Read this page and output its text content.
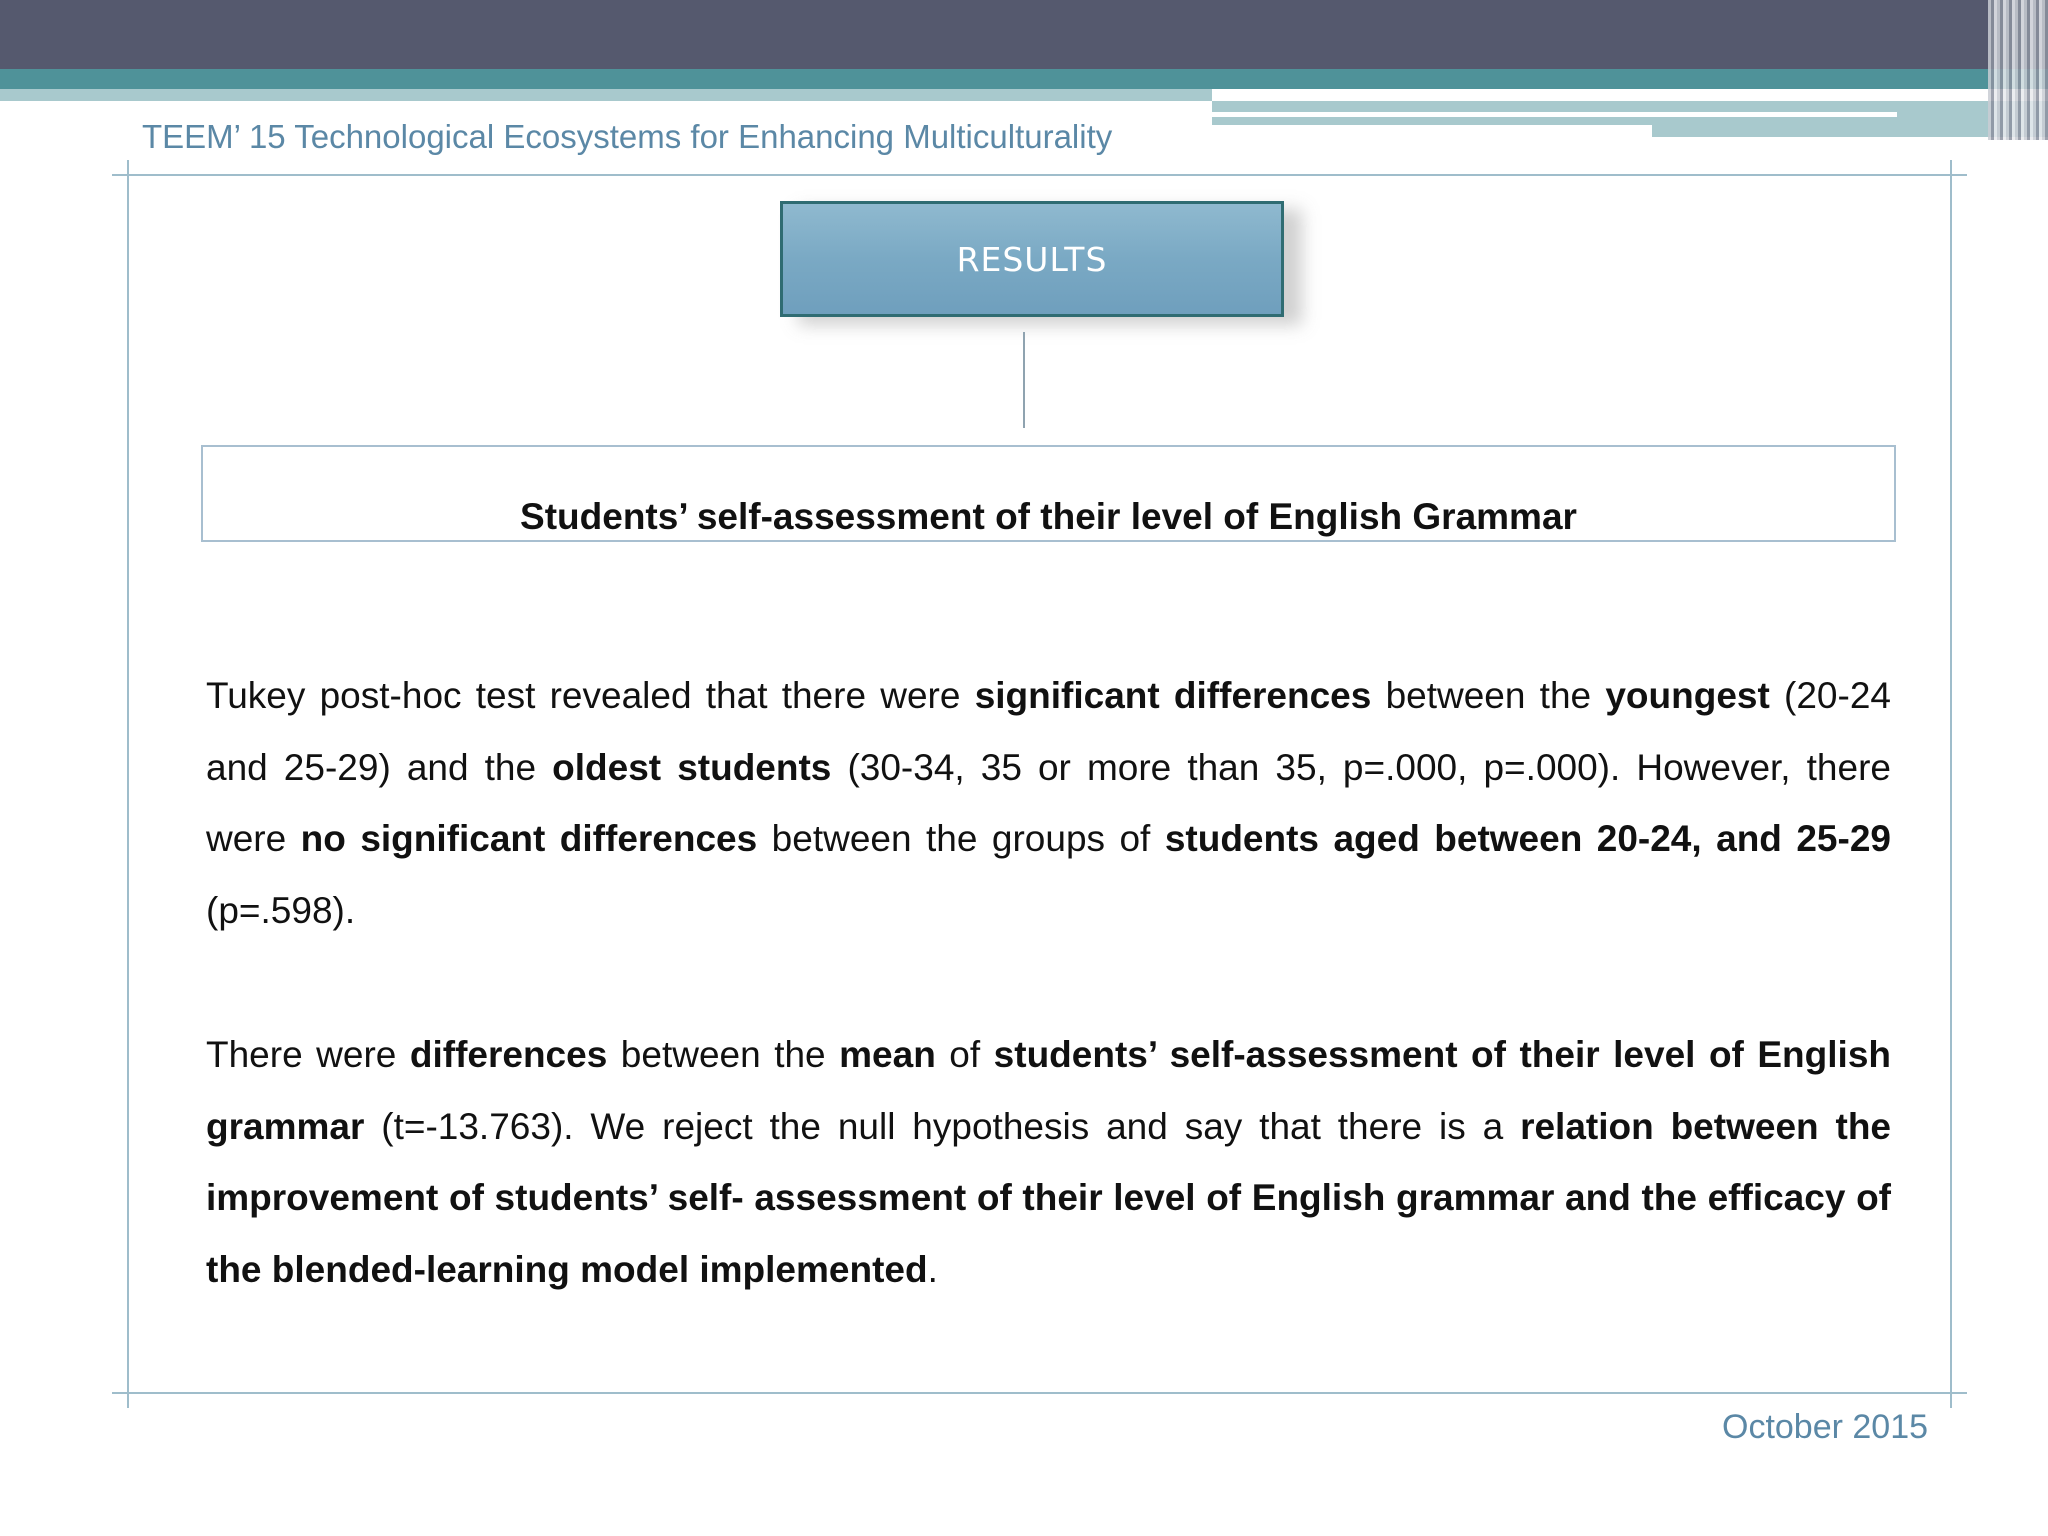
TEEM’ 15 Technological Ecosystems for Enhancing Multiculturality
RESULTS
Students’ self-assessment of their level of English Grammar
Tukey post-hoc test revealed that there were significant differences between the youngest (20-24 and 25-29) and the oldest students (30-34, 35 or more than 35, p=.000, p=.000). However, there were no significant differences between the groups of students aged between 20-24, and 25-29 (p=.598).
There were differences between the mean of students’ self-assessment of their level of English grammar (t=-13.763). We reject the null hypothesis and say that there is a relation between the improvement of students’ self- assessment of their level of English grammar and the efficacy of the blended-learning model implemented.
October 2015
